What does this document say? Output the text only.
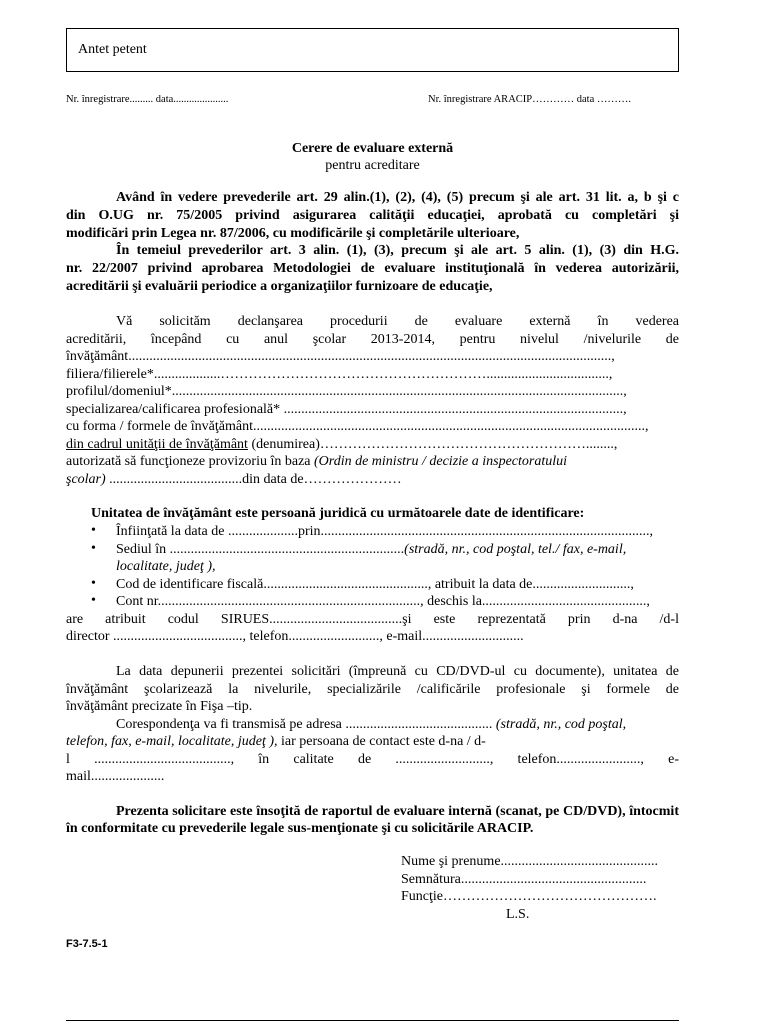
Antet petent
Nr. înregistrare......... data.....................	Nr. înregistrare ARACIP………… data ……….
Cerere de evaluare externă
pentru acreditare
Având în vedere prevederile art. 29 alin.(1), (2), (4), (5) precum şi ale art. 31 lit. a, b şi c
din O.UG nr. 75/2005 privind asigurarea calităţii educaţiei, aprobată cu completări şi
modificări prin Legea nr. 87/2006, cu modificările şi completările ulterioare,
În temeiul prevederilor art. 3 alin. (1), (3), precum şi ale art. 5 alin. (1), (3) din H.G.
nr. 22/2007 privind aprobarea Metodologiei de evaluare instituţională în vederea autorizării,
acreditării şi evaluării periodice a organizaţiilor furnizoare de educaţie,
Vă solicităm declanşarea procedurii de evaluare externă în vederea
acreditării, începând cu anul şcolar 2013-2014, pentru nivelul /nivelurile de
învăţământ..........................................................................................................................................,
filiera/filierele*...................…………………………………………………...................................,
profilul/domeniul*.................................................................................................................................,
specializarea/calificarea profesională* .................................................................................................,
cu forma / formele de învăţământ................................................................................................................,
din cadrul unităţii de învăţământ (denumirea)…………………………………………………........,
autorizată să funcţioneze provizoriu în baza (Ordin de ministru / decizie a inspectoratului
şcolar) ......................................din data de…………………
Unitatea de învăţământ este persoană juridică cu următoarele date de identificare:
• Înfiinţată la data de ....................prin..............................................................................................,
• Sediul în ...................................................................(stradă, nr., cod poştal, tel./ fax, e-mail,
localitate, judeţ ),
• Cod de identificare fiscală..............................................., atribuit la data de............................,
• Cont nr..........................................................................., deschis la...............................................,
are atribuit codul SIRUES......................................şi este reprezentată prin d-na /d-l
director ....................................., telefon.........................., e-mail.............................
La data depunerii prezentei solicitări (împreună cu CD/DVD-ul cu documente), unitatea de
învăţământ şcolarizează la nivelurile, specializările /calificările profesionale şi formele de
învăţământ precizate în Fişa –tip.
Corespondenţa va fi transmisă pe adresa .......................................... (stradă, nr., cod poştal,
telefon, fax, e-mail, localitate, judeţ ), iar persoana de contact este d-na / d-
l ......................................., în calitate de ..........................., telefon........................, e-
mail.....................
Prezenta solicitare este însoţită de raportul de evaluare internă (scanat, pe CD/DVD), întocmit
în conformitate cu prevederile legale sus-menţionate şi cu solicitările ARACIP.
Nume şi prenume.............................................
Semnătura.....................................................
Funcţie……………………………………….
L.S.
F3-7.5-1
